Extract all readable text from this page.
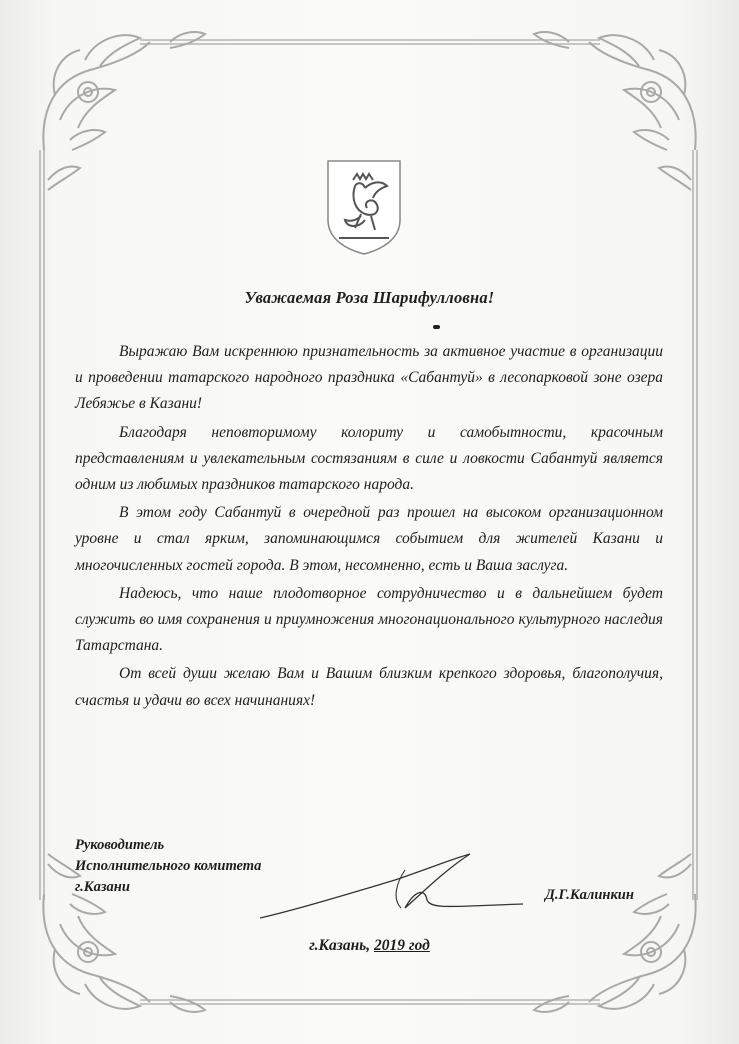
Уважаемая Роза Шарифулловна!

Выражаю Вам искреннюю признательность за активное участие в организации и проведении татарского народного праздника «Сабантуй» в лесопарковой зоне озера Лебяжье в Казани!

Благодаря неповторимому колориту и самобытности, красочным представлениям и увлекательным состязаниям в силе и ловкости Сабантуй является одним из любимых праздников татарского народа.

В этом году Сабантуй в очередной раз прошел на высоком организационном уровне и стал ярким, запоминающимся событием для жителей Казани и многочисленных гостей города. В этом, несомненно, есть и Ваша заслуга.

Надеюсь, что наше плодотворное сотрудничество и в дальнейшем будет служить во имя сохранения и приумножения многонационального культурного наследия Татарстана.

От всей души желаю Вам и Вашим близким крепкого здоровья, благополучия, счастья и удачи во всех начинаниях!

Руководитель
Исполнительного комитета
г.Казани	Д.Г.Калинкин
г.Казань, 2019 год
